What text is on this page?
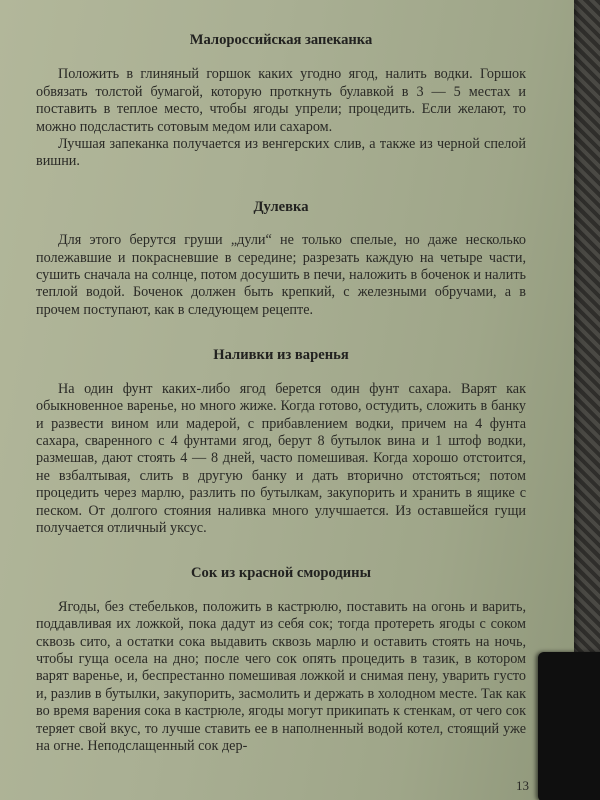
Малороссийская запеканка

Положить в глиняный горшок каких угодно ягод, налить водки. Горшок обвязать толстой бумагой, которую проткнуть булавкой в 3 — 5 местах и поставить в теплое место, чтобы ягоды упрели; процедить. Если желают, то можно подсластить сотовым медом или сахаром.

Лучшая запеканка получается из венгерских слив, а также из черной спелой вишни.

Дулевка

Для этого берутся груши „дули“ не только спелые, но даже несколько полежавшие и покрасневшие в середине; разрезать каждую на четыре части, сушить сначала на солнце, потом досушить в печи, наложить в боченок и налить теплой водой. Боченок должен быть крепкий, с железными обручами, а в прочем поступают, как в следующем рецепте.

Наливки из варенья

На один фунт каких-либо ягод берется один фунт сахара. Варят как обыкновенное варенье, но много жиже. Когда готово, остудить, сложить в банку и развести вином или мадерой, с прибавлением водки, причем на 4 фунта сахара, сваренного с 4 фунтами ягод, берут 8 бутылок вина и 1 штоф водки, размешав, дают стоять 4 — 8 дней, часто помешивая. Когда хорошо отстоится, не взбалтывая, слить в другую банку и дать вторично отстояться; потом процедить через марлю, разлить по бутылкам, закупорить и хранить в ящике с песком. От долгого стояния наливка много улучшается. Из оставшейся гущи получается отличный уксус.

Сок из красной смородины

Ягоды, без стебельков, положить в кастрюлю, поставить на огонь и варить, поддавливая их ложкой, пока дадут из себя сок; тогда протереть ягоды с соком сквозь сито, а остатки сока выдавить сквозь марлю и оставить стоять на ночь, чтобы гуща осела на дно; после чего сок опять процедить в тазик, в котором варят варенье, и, беспрестанно помешивая ложкой и снимая пену, уварить густо и, разлив в бутылки, закупорить, засмолить и держать в холодном месте. Так как во время варения сока в кастрюле, ягоды могут прикипать к стенкам, от чего сок теряет свой вкус, то лучше ставить ее в наполненный водой котел, стоящий уже на огне. Неподслащенный сок дер-

13
